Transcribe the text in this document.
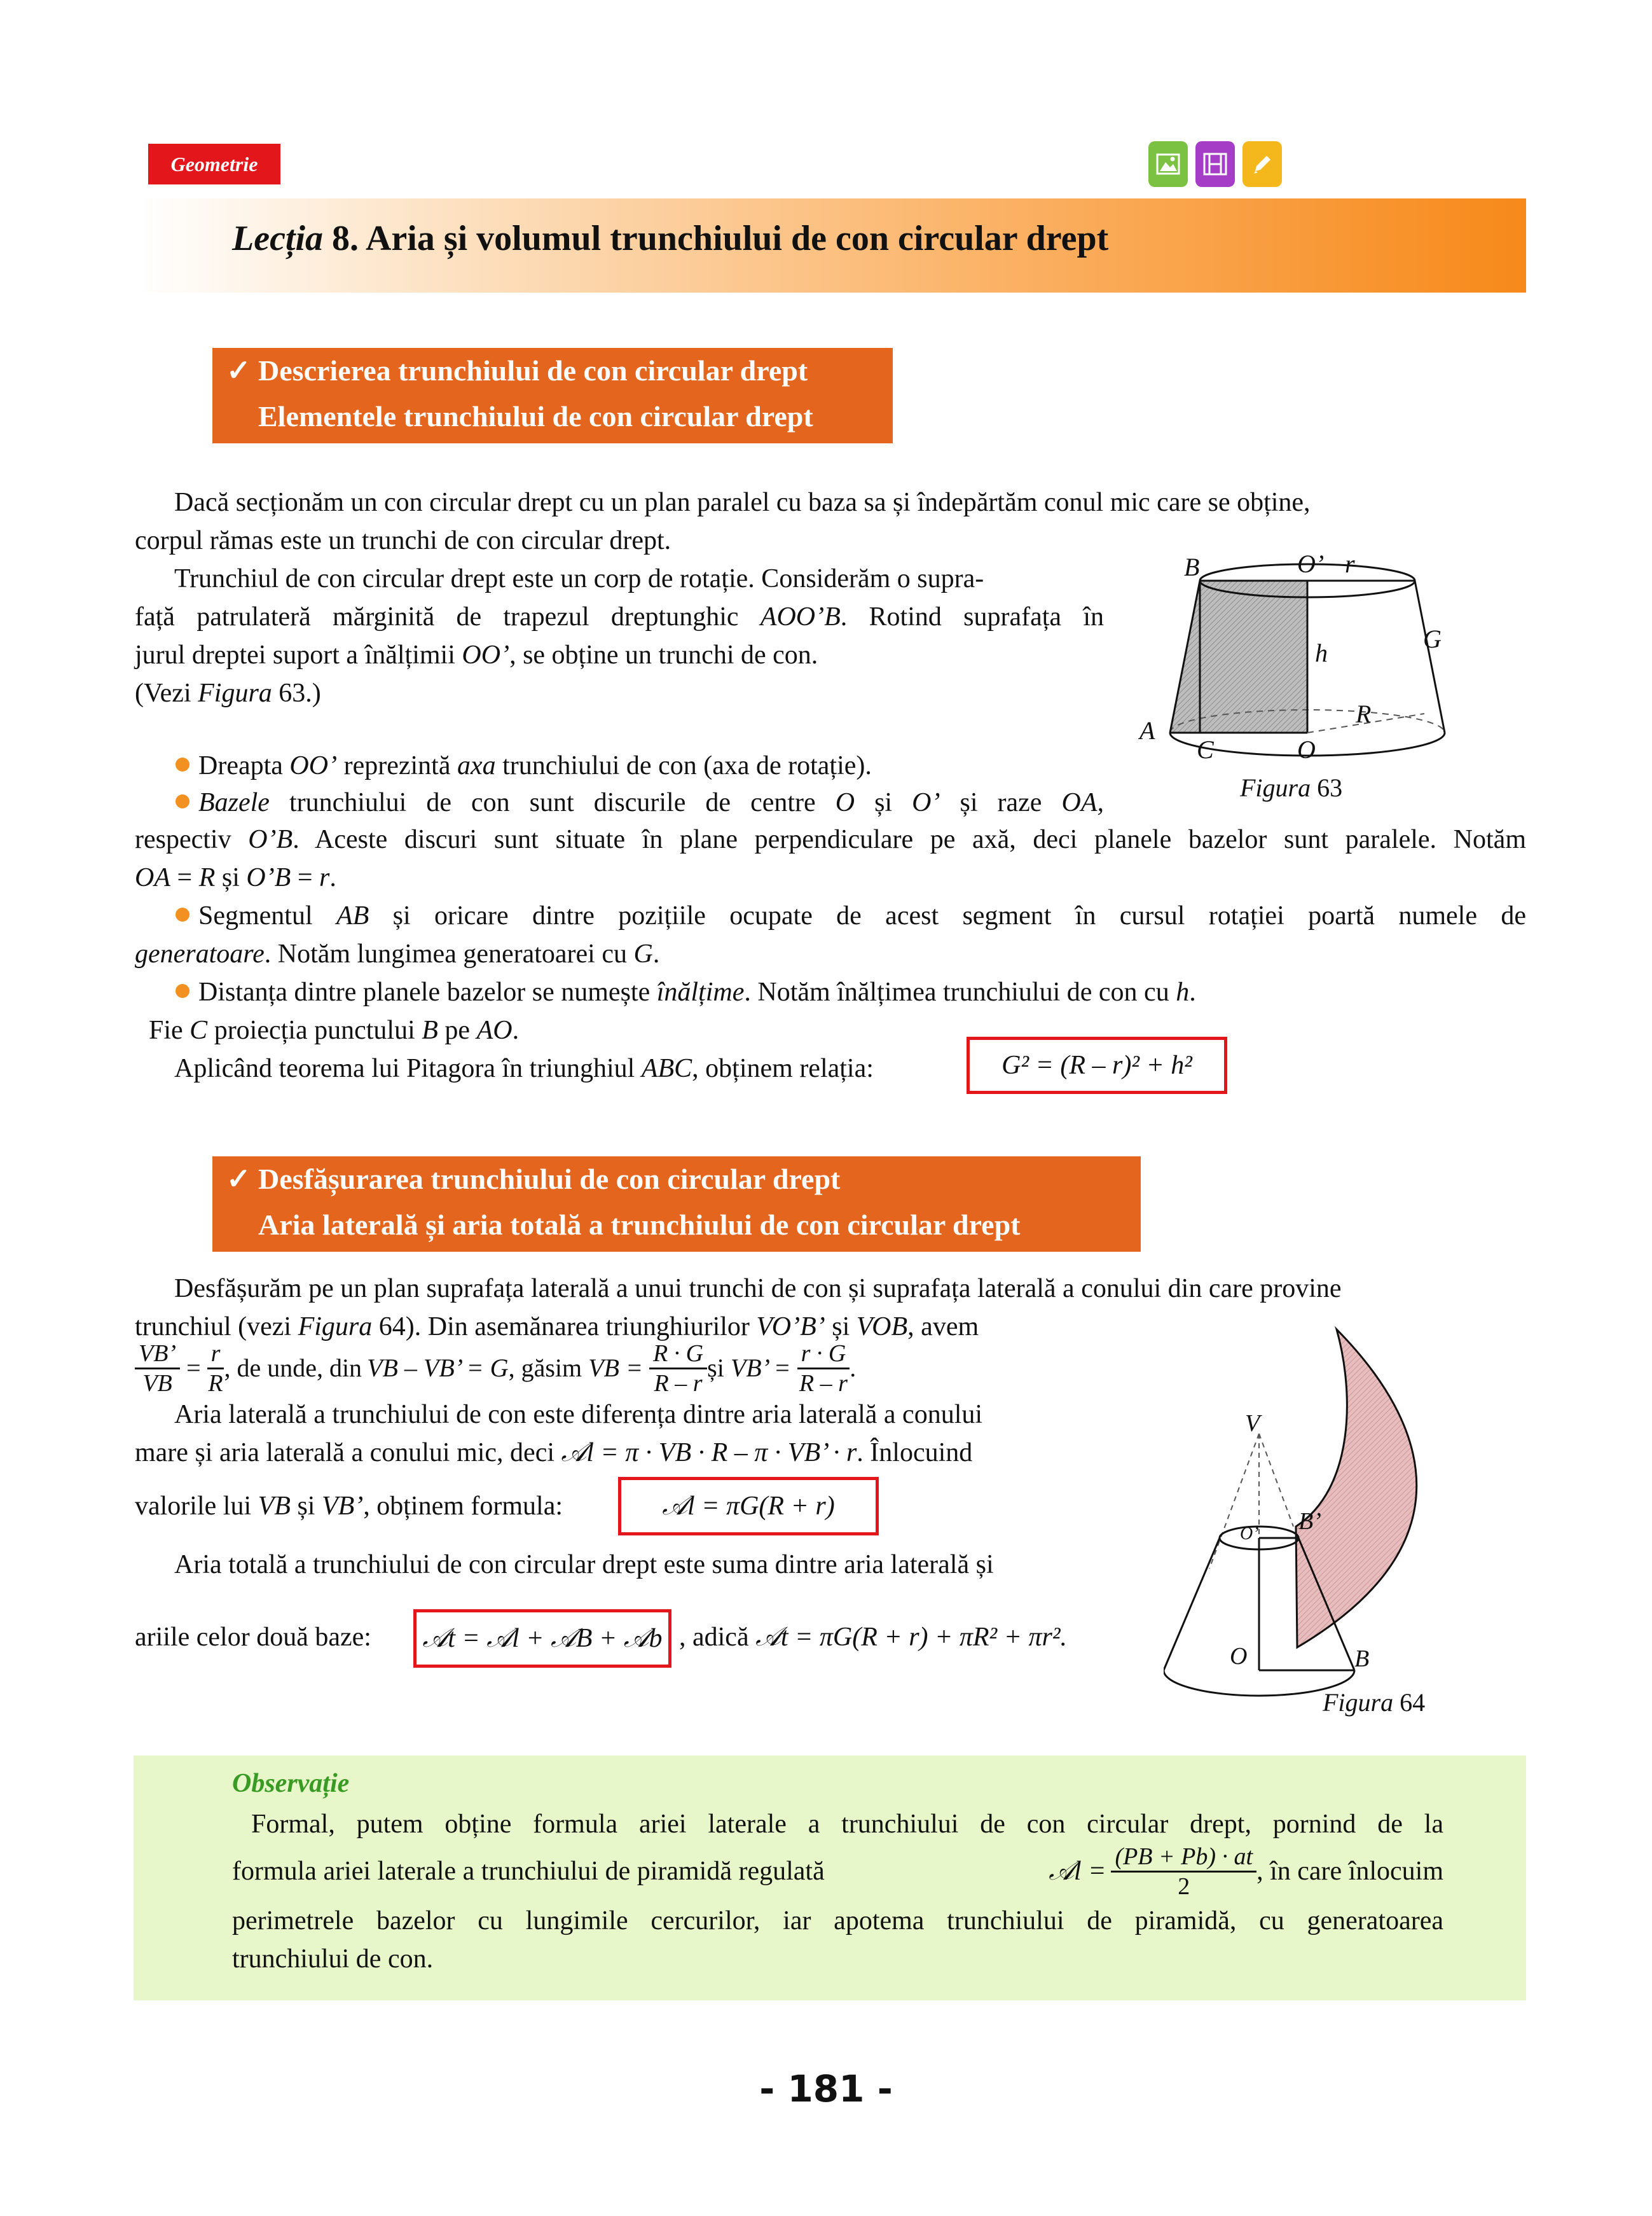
Geometrie
Lecția 8. Aria și volumul trunchiului de con circular drept
✓ Descrierea trunchiului de con circular drept
Elementele trunchiului de con circular drept
Dacă secționăm un con circular drept cu un plan paralel cu baza sa și îndepărtăm conul mic care se obține,
corpul rămas este un trunchi de con circular drept.
Trunchiul de con circular drept este un corp de rotație. Considerăm o supra-
față patrulateră mărginită de trapezul dreptunghic AOO’B. Rotind suprafața în
jurul dreptei suport a înălțimii OO’, se obține un trunchi de con.
(Vezi Figura 63.)
Dreapta OO’ reprezintă axa trunchiului de con (axa de rotație).
Bazele trunchiului de con sunt discurile de centre O și O’ și raze OA,
respectiv O’B. Aceste discuri sunt situate în plane perpendiculare pe axă, deci planele bazelor sunt paralele. Notăm
OA = R și O’B = r.
Segmentul AB și oricare dintre pozițiile ocupate de acest segment în cursul rotației poartă numele de
generatoare. Notăm lungimea generatoarei cu G.
Distanța dintre planele bazelor se numește înălțime. Notăm înălțimea trunchiului de con cu h.
Fie C proiecția punctului B pe AO.
Aplicând teorema lui Pitagora în triunghiul ABC, obținem relația:	G² = (R – r)² + h²
B	O’ r
G
h
R
A
C	O
Figura 63
✓ Desfășurarea trunchiului de con circular drept
Aria laterală și aria totală a trunchiului de con circular drept
Desfășurăm pe un plan suprafața laterală a unui trunchi de con și suprafața laterală a conului din care provine
trunchiul (vezi Figura 64). Din asemănarea triunghiurilor VO’B’ și VOB, avem
$\frac{VB’}{VB} = \frac{r}{R}$ , de unde, din VB – VB’ = G , găsim VB = $\frac{R \cdot G}{R - r}$ și VB’ = $\frac{r \cdot G}{R - r}$ .
Aria laterală a trunchiului de con este diferența dintre aria laterală a conului
mare și aria laterală a conului mic, deci 𝒜l = π · VB · R – π · VB’ · r. Înlocuind
valorile lui VB și VB’, obținem formula:	𝒜l = πG(R + r)
Aria totală a trunchiului de con circular drept este suma dintre aria laterală și
ariile celor două baze:	𝒜t = 𝒜l + 𝒜B + 𝒜b , adică 𝒜t = πG(R + r) + πR² + πr².
V
O’ B’
O	B
Figura 64
Observație
Formal, putem obține formula ariei laterale a trunchiului de con circular drept, pornind de la
formula ariei laterale a trunchiului de piramidă regulată	𝒜l = $\frac{(PB + Pb) \cdot at}{2}$ , în care înlocuim
perimetrele bazelor cu lungimile cercurilor, iar apotema trunchiului de piramidă, cu generatoarea
trunchiului de con.
- 181 -
